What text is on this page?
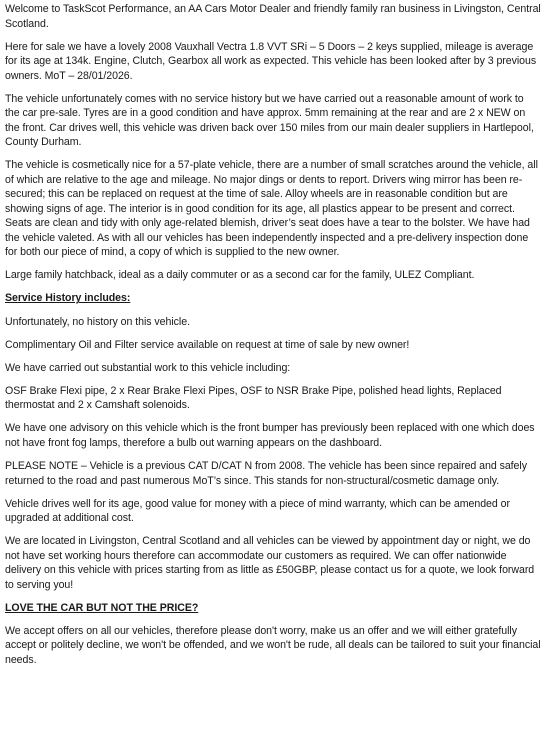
Welcome to TaskScot Performance, an AA Cars Motor Dealer and friendly family ran business in Livingston, Central Scotland.

Here for sale we have a lovely 2008 Vauxhall Vectra 1.8 VVT SRi – 5 Doors – 2 keys supplied, mileage is average for its age at 134k. Engine, Clutch, Gearbox all work as expected. This vehicle has been looked after by 3 previous owners. MoT – 28/01/2026.

The vehicle unfortunately comes with no service history but we have carried out a reasonable amount of work to the car pre-sale. Tyres are in a good condition and have approx. 5mm remaining at the rear and are 2 x NEW on the front. Car drives well, this vehicle was driven back over 150 miles from our main dealer suppliers in Hartlepool, County Durham.

The vehicle is cosmetically nice for a 57-plate vehicle, there are a number of small scratches around the vehicle, all of which are relative to the age and mileage. No major dings or dents to report. Drivers wing mirror has been re-secured; this can be replaced on request at the time of sale. Alloy wheels are in reasonable condition but are showing signs of age. The interior is in good condition for its age, all plastics appear to be present and correct. Seats are clean and tidy with only age-related blemish, driver’s seat does have a tear to the bolster. We have had the vehicle valeted. As with all our vehicles has been independently inspected and a pre-delivery inspection done for both our piece of mind, a copy of which is supplied to the new owner.

Large family hatchback, ideal as a daily commuter or as a second car for the family, ULEZ Compliant.

Service History includes:

Unfortunately, no history on this vehicle.

Complimentary Oil and Filter service available on request at time of sale by new owner!

We have carried out substantial work to this vehicle including:

OSF Brake Flexi pipe, 2 x Rear Brake Flexi Pipes, OSF to NSR Brake Pipe, polished head lights, Replaced thermostat and 2 x Camshaft solenoids.

We have one advisory on this vehicle which is the front bumper has previously been replaced with one which does not have front fog lamps, therefore a bulb out warning appears on the dashboard.

PLEASE NOTE – Vehicle is a previous CAT D/CAT N from 2008. The vehicle has been since repaired and safely returned to the road and past numerous MoT’s since. This stands for non-structural/cosmetic damage only.

Vehicle drives well for its age, good value for money with a piece of mind warranty, which can be amended or upgraded at additional cost.

We are located in Livingston, Central Scotland and all vehicles can be viewed by appointment day or night, we do not have set working hours therefore can accommodate our customers as required. We can offer nationwide delivery on this vehicle with prices starting from as little as £50GBP, please contact us for a quote, we look forward to serving you!

LOVE THE CAR BUT NOT THE PRICE?

We accept offers on all our vehicles, therefore please don't worry, make us an offer and we will either gratefully accept or politely decline, we won't be offended, and we won't be rude, all deals can be tailored to suit your financial needs.
